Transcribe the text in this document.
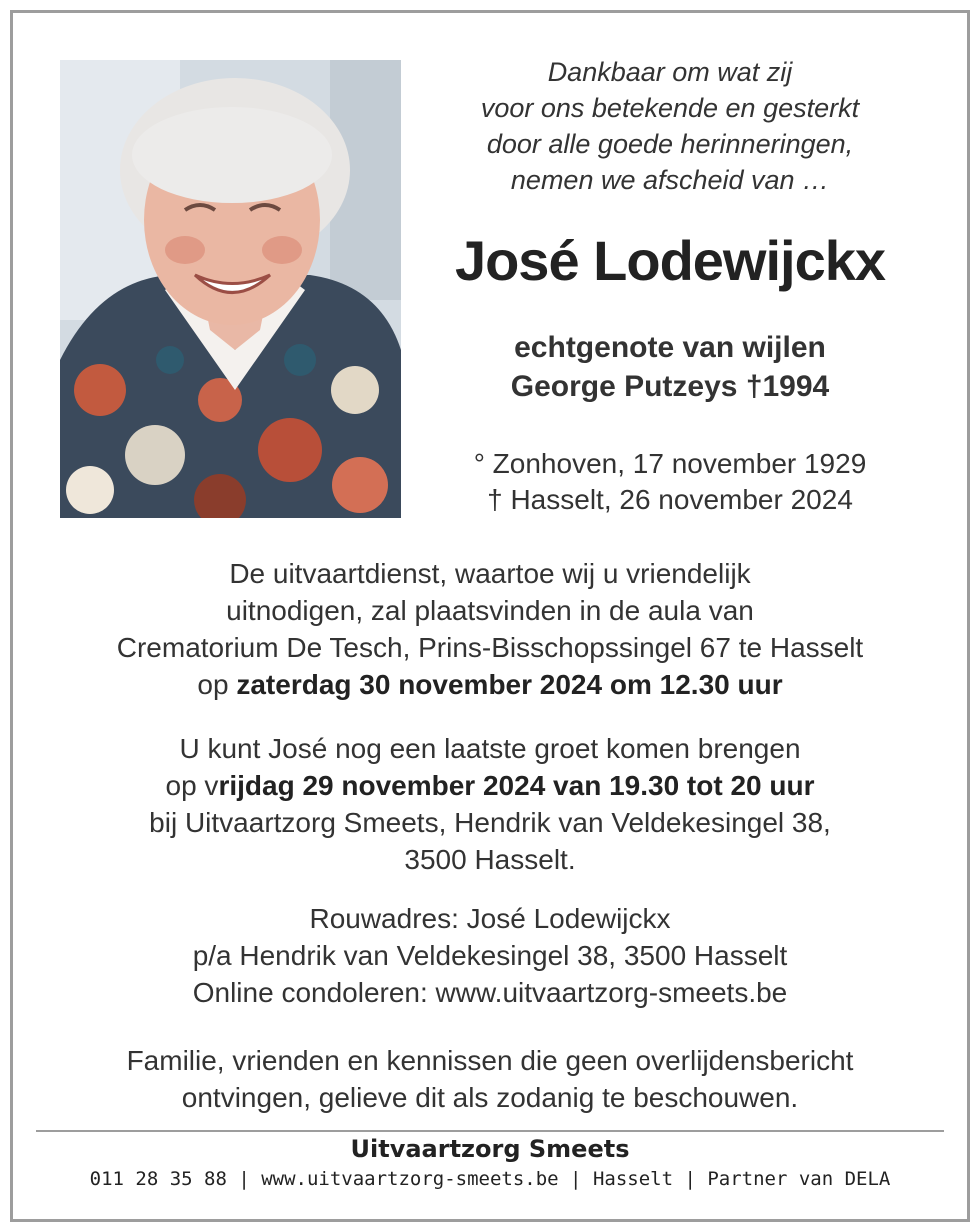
Dankbaar om wat zij
voor ons betekende en gesterkt
door alle goede herinneringen,
nemen we afscheid van …
José Lodewijckx
echtgenote van wijlen
George Putzeys †1994
° Zonhoven, 17 november 1929
† Hasselt, 26 november 2024
De uitvaartdienst, waartoe wij u vriendelijk
uitnodigen, zal plaatsvinden in de aula van
Crematorium De Tesch, Prins-Bisschopssingel 67 te Hasselt
op zaterdag 30 november 2024 om 12.30 uur
U kunt José nog een laatste groet komen brengen
op vrijdag 29 november 2024 van 19.30 tot 20 uur
bij Uitvaartzorg Smeets, Hendrik van Veldekesingel 38,
3500 Hasselt.
Rouwadres: José Lodewijckx
p/a Hendrik van Veldekesingel 38, 3500 Hasselt
Online condoleren: www.uitvaartzorg-smeets.be
Familie, vrienden en kennissen die geen overlijdensbericht
ontvingen, gelieve dit als zodanig te beschouwen.
Uitvaartzorg Smeets
011 28 35 88 | www.uitvaartzorg-smeets.be | Hasselt | Partner van DELA
